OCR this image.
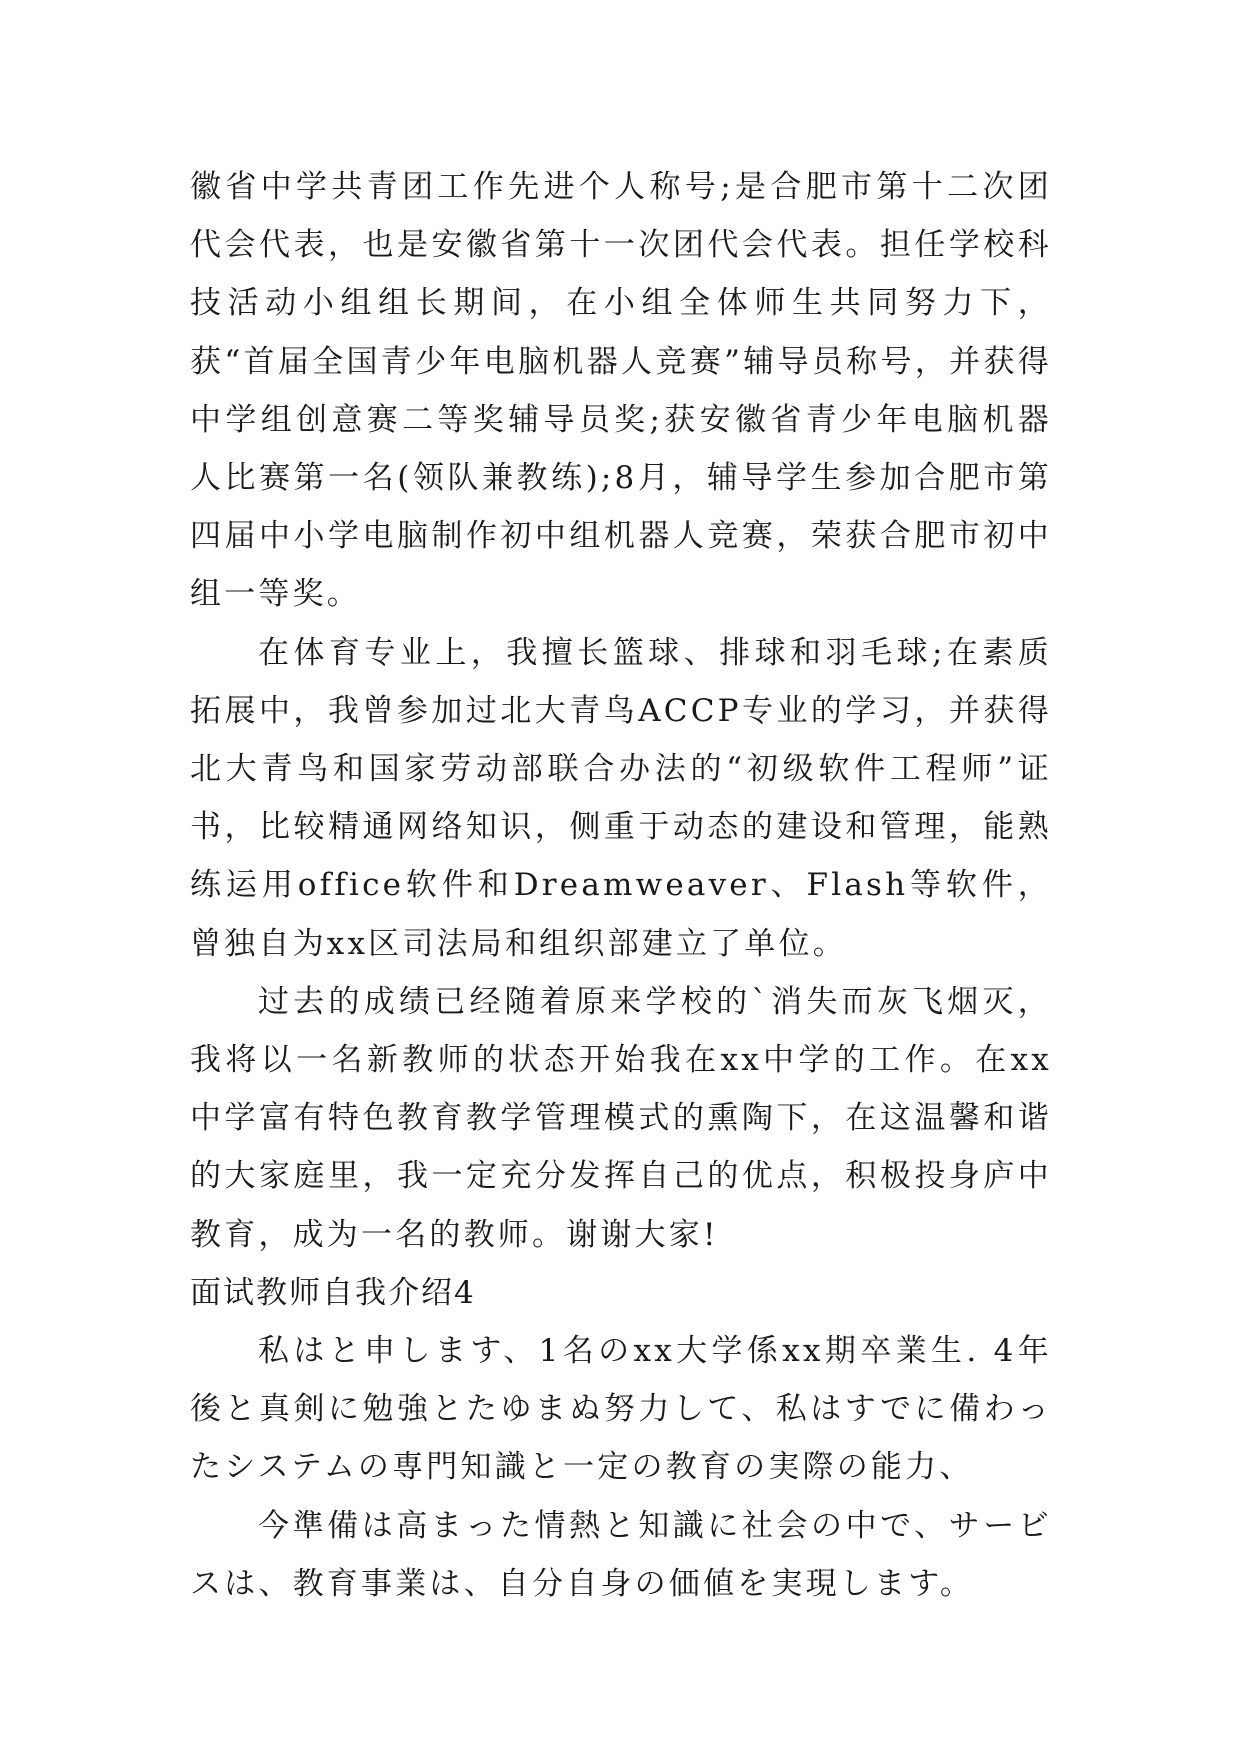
徽省中学共青团工作先进个人称号;是合肥市第十二次团代会代表，也是安徽省第十一次团代会代表。担任学校科技活动小组组长期间，在小组全体师生共同努力下，获“首届全国青少年电脑机器人竞赛”辅导员称号，并获得中学组创意赛二等奖辅导员奖;获安徽省青少年电脑机器人比赛第一名(领队兼教练);8月，辅导学生参加合肥市第四届中小学电脑制作初中组机器人竞赛，荣获合肥市初中组一等奖。

在体育专业上，我擅长篮球、排球和羽毛球;在素质拓展中，我曾参加过北大青鸟ACCP专业的学习，并获得北大青鸟和国家劳动部联合办法的“初级软件工程师”证书，比较精通网络知识，侧重于动态的建设和管理，能熟练运用office软件和Dreamweaver、Flash等软件，曾独自为xx区司法局和组织部建立了单位。

过去的成绩已经随着原来学校的`消失而灰飞烟灭，我将以一名新教师的状态开始我在xx中学的工作。在xx中学富有特色教育教学管理模式的熏陶下，在这温馨和谐的大家庭里，我一定充分发挥自己的优点，积极投身庐中教育，成为一名的教师。谢谢大家!

面试教师自我介绍4

私はと申します、1名のxx大学係xx期卒業生. 4年後と真剣に勉強とたゆまぬ努力して、私はすでに備わったシステムの専門知識と一定の教育の実際の能力、

今準備は高まった情熱と知識に社会の中で、サービスは、教育事業は、自分自身の価値を実現します。
